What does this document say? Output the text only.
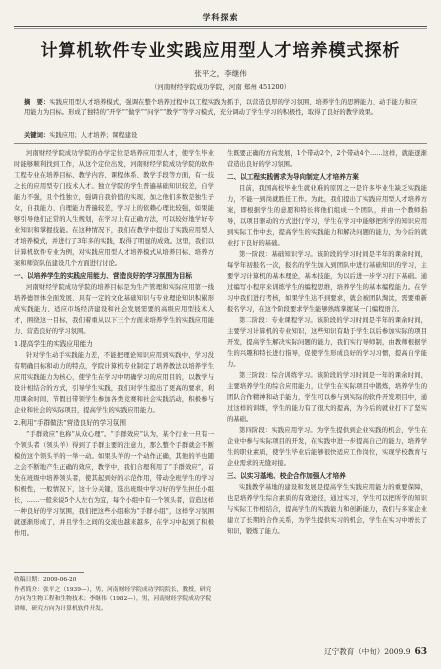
学科探索
计算机软件专业实践应用型人才培养模式探析
张平之，李继伟
（河南财经学院成功学院，河南 郑州 451200）
摘　要：实践应用型人才培养模式，强调在整个培养过程中以工程实践为抓手，以营造良厚的学习氛围、培养学生的思辨能力、动手能力和应用能力为目标。形成了独特的“开学”“做学”“问学”“教学”等学习模式，充分调动了学生学习的积极性，取得了良好的教学效果。
关键词：实践应用；人才培养；课程建设

河南财经学院成功学院的办学定位是培养应用型人才，使学生毕业时能够顺利找到工作，从这个定位出发，河南财经学院成功学院的软件工程专业在培养目标、教学内容、课程体系、教学手段等方面，有一技之长的应用型专门技术人才。独立学院的学生普遍基础知识较差，自学能力不强，且个性独立，强调自我价值的实现，加之他们多数是独生子女，自我能力、自理能力普遍较差，学习上的依赖心理比较强，如果能够引导他们正常的人生规划，在学习上有正确方法，可以较好地学好专业知识和掌握技能。在这种情况下，我们在教学中提出了实践应用型人才培养模式，并进行了3年多的实践，取得了明显的成效。这里，我们以计算机软件专业为例，对实践应用型人才培养模式从培养目标、培养方案和师资队伍建设几个方面进行讨论。

一、以培养学生的实践应用能力、营造良好的学习氛围为目标

河南财经学院成功学院的培养目标是为生产管理和实际应用第一线培养德智体全面发展、具有一定的文化基础知识与专业理论知识积累形成实践能力、适应市场经济建设和社会发展需要的高级应用型技术人才，围绕这一目标，我们着重从以下三个方面来培养学生的实践应用能力、营造良好的学习氛围。

1.提高学生的实践应用能力

针对学生动手实践能力差，不能把理论知识应用到实践中，学习没有明确目标和动力的特点，学院计算机专业制定了培养教法以培养学生应用实践能力为核心，使学生在学习中明确学习的应用目的，以教学与设计相结合的方式，引导学生实践，我们对学生提出了更高的要求，利用课余时间、节假日带领学生参加各类竞赛和社会实践活动，积极参与企业和社会的实际项目，提高学生的实践应用能力。

2.利用“手群做法”营造良好的学习氛围

“手群效应”也称“从众心理”。“手群效应”认为，某个行业一旦有一个领头者（领头羊）得到了手群主要的注意力，那么整个手群就会不断模仿这个领头羊的一举一动。如果头羊的一个动作正确，其他的羊也随之会不断地产生正确的效应，教学中，我们合理利用了“手群效应”，首先在班级中培养领头者，使其起到好的示范作用，带动全班学生的学习积极性，一般情况下，这十分关键，选出班级中学习好的学生担任小组长，……一般来说5个人左右为宜，每个小组中有一个领头者，营造这样一种良好的学习氛围，我们把这些小组称为“手群小组”，这样学习氛围就逐渐形成了，并且学生之间的交流也越来越多，在学习中起到了积极作用。

收稿日期：2009-06-20

作者简介：张平之（1939—），男，河南财经学院成功学院院长，教授，研究方向为生物工程和生物技术；李继伟（1982—），男，河南财经学院成功学院讲师，研究方向为计算机软件开发。

生既要正确的方向发展，1个带动2个，2个带动4个……这样，就能逐渐营造出良好的学习氛围。

二、以工程实践需求为导向制定人才培养方案

目前，我国高校毕业生就业难的原因之一是许多毕业生缺乏实践能力，不能一到岗就胜任工作。为此，我们提出了实践应用型人才培养方案，即根据学生的意愿和特长将他们组成一个团队，并由一个教师指导，以项目驱动的方式进行学习，学生在学习中能够把所学的知识应用到实际工作中去，提高学生的实践能力和解决问题的能力，为今后的就业打下良好的基础。

第一阶段：基础知识学习。该阶段的学习时间是半年的课余时间，每学年初报名一次，报名的学生加入到团队中进行基础知识的学习，主要学习计算机的基本理论，基本技能，为以后进一步学习打下基础。通过编写小程序来训练学生的编程思维，培养学生的基本编程能力。在学习中我们进行考核，如果学生达不到要求，就会被团队淘汰，需要重新报名学习，在这个阶段要求学生能够熟练掌握某一门编程语言。

第二阶段：专业课程学习。该阶段的学习时间是半年的课余时间，主要学习计算机的专业知识，这些知识有助于学生以后参加实际的项目开发，提高学生解决实际问题的能力，我们实行导师制，由教师根据学生的兴趣和特长进行指导，促使学生形成良好的学习习惯，提高自学能力。

第三阶段：综合训练学习。该阶段的学习时间是一年的课余时间，主要培养学生的综合应用能力，让学生在实际项目中锻炼，培养学生的团队合作精神和动手能力，学生可以参与到实际的软件开发项目中，通过这样的训练，学生的能力有了很大的提高，为今后的就业打下了坚实的基础。

第四阶段：实践应用学习。为学生提供到企业实践的机会，学生在企业中参与实际项目的开发，在实践中进一步提高自己的能力，培养学生的职业素质，使学生毕业后能够很快适应工作岗位，实现学校教育与企业需求的无缝对接。

三、以实习基地、校企合作加强人才培养

实践教学基地的建设和发展是提高学生实践应用能力的重要保障，也是培养学生综合素质的有效途径，通过实习，学生可以把所学的知识与实际工作相结合，提高学生的实践能力和创新能力，我们与多家企业建立了长期的合作关系，为学生提供实习的机会，学生在实习中增长了知识，锻炼了能力。

辽宁教育（中旬）2009.9 63
